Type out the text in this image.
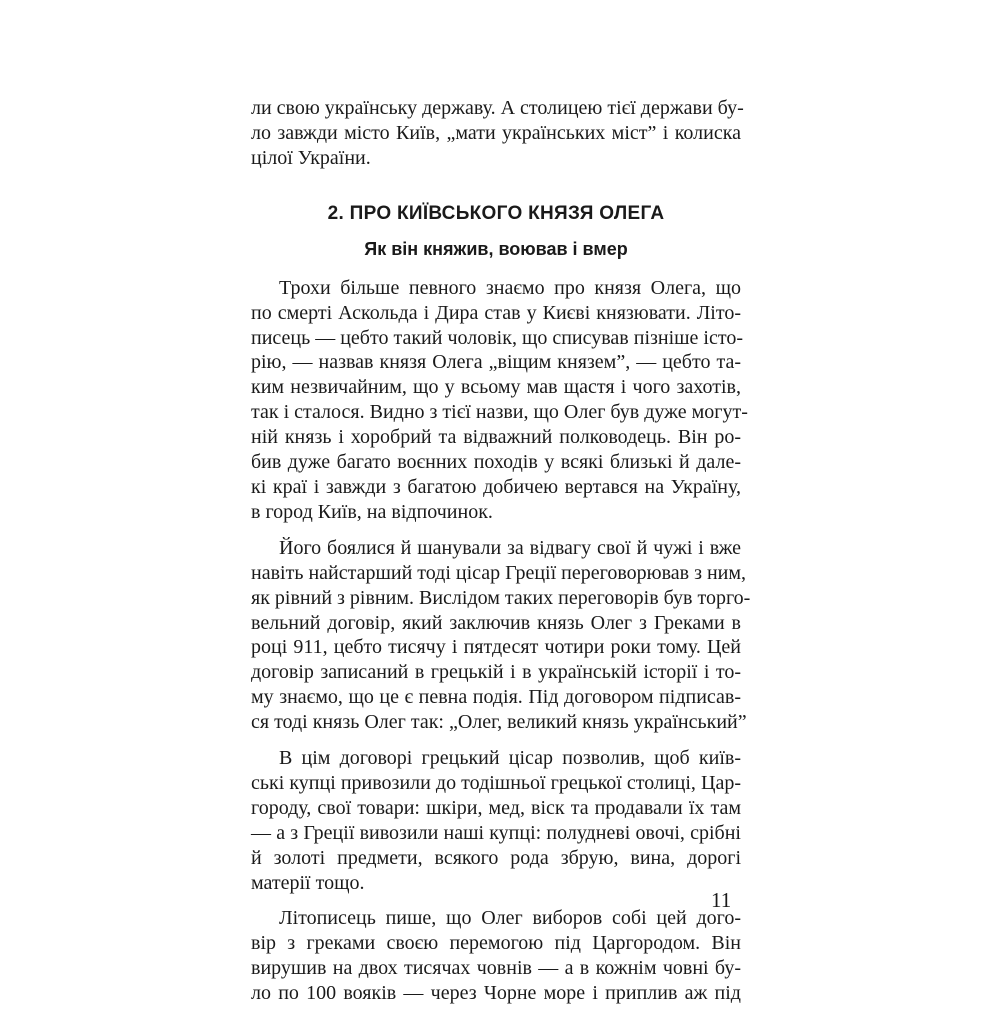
ли свою українську державу. А столицею тієї держави бу-
ло завжди місто Київ, „мати українських міст” і колиска
цілої України.
2. ПРО КИЇВСЬКОГО КНЯЗЯ ОЛЕГА
Як він княжив, воював і вмер
Трохи більше певного знаємо про князя Олега, що
по смерті Аскольда і Дира став у Києві князювати. Літо-
писець — цебто такий чоловік, що списував пізніше істо-
рію, — назвав князя Олега „віщим князем”, — цебто та-
ким незвичайним, що у всьому мав щастя і чого захотів,
так і сталося. Видно з тієї назви, що Олег був дуже могут-
ній князь і хоробрий та відважний полководець. Він ро-
бив дуже багато воєнних походів у всякі близькі й дале-
кі краї і завжди з багатою добичею вертався на Україну,
в город Київ, на відпочинок.
Його боялися й шанували за відвагу свої й чужі і вже
навіть найстарший тоді цісар Греції переговорював з ним,
як рівний з рівним. Вислідом таких переговорів був торго-
вельний договір, який заключив князь Олег з Греками в
році 911, цебто тисячу і пятдесят чотири роки тому. Цей
договір записаний в грецькій і в українській історії і то-
му знаємо, що це є певна подія. Під договором підписав-
ся тоді князь Олег так: „Олег, великий князь український”
В цім договорі грецький цісар позволив, щоб київ-
ські купці привозили до тодішньої грецької столиці, Цар-
городу, свої товари: шкіри, мед, віск та продавали їх там
— а з Греції вивозили наші купці: полудневі овочі, срібні
й золоті предмети, всякого рода збрую, вина, дорогі
матерії тощо.
Літописець пише, що Олег виборов собі цей дого-
вір з греками своєю перемогою під Царгородом. Він
вирушив на двох тисячах човнів — а в кожнім човні бу-
ло по 100 вояків — через Чорне море і приплив аж під
11
